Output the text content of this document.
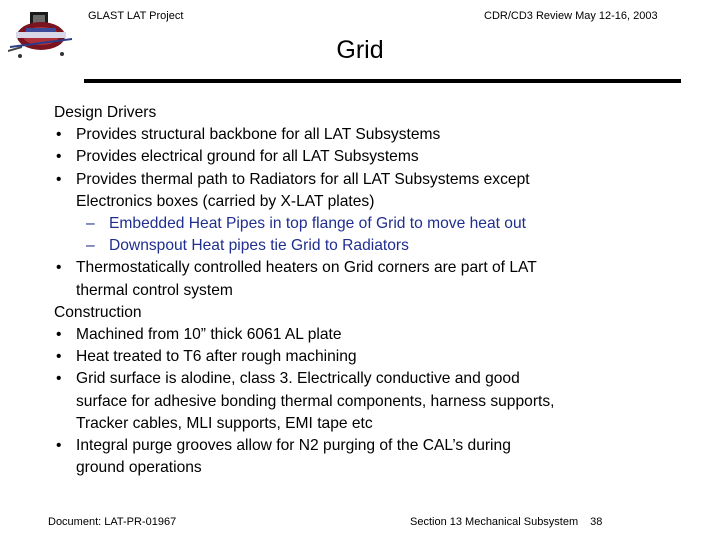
GLAST LAT Project	CDR/CD3 Review May 12-16, 2003
Grid
Design Drivers
• Provides structural backbone for all LAT Subsystems
• Provides electrical ground for all LAT Subsystems
• Provides thermal path to Radiators for all LAT Subsystems except
Electronics boxes (carried by X-LAT plates)
– Embedded Heat Pipes in top flange of Grid to move heat out
– Downspout Heat pipes tie Grid to Radiators
• Thermostatically controlled heaters on Grid corners are part of LAT
thermal control system
Construction
• Machined from 10” thick 6061 AL plate
• Heat treated to T6 after rough machining
• Grid surface is alodine, class 3. Electrically conductive and good
surface for adhesive bonding thermal components, harness supports,
Tracker cables, MLI supports, EMI tape etc
• Integral purge grooves allow for N2 purging of the CAL’s during
ground operations
Document: LAT-PR-01967	Section 13 Mechanical Subsystem 38
